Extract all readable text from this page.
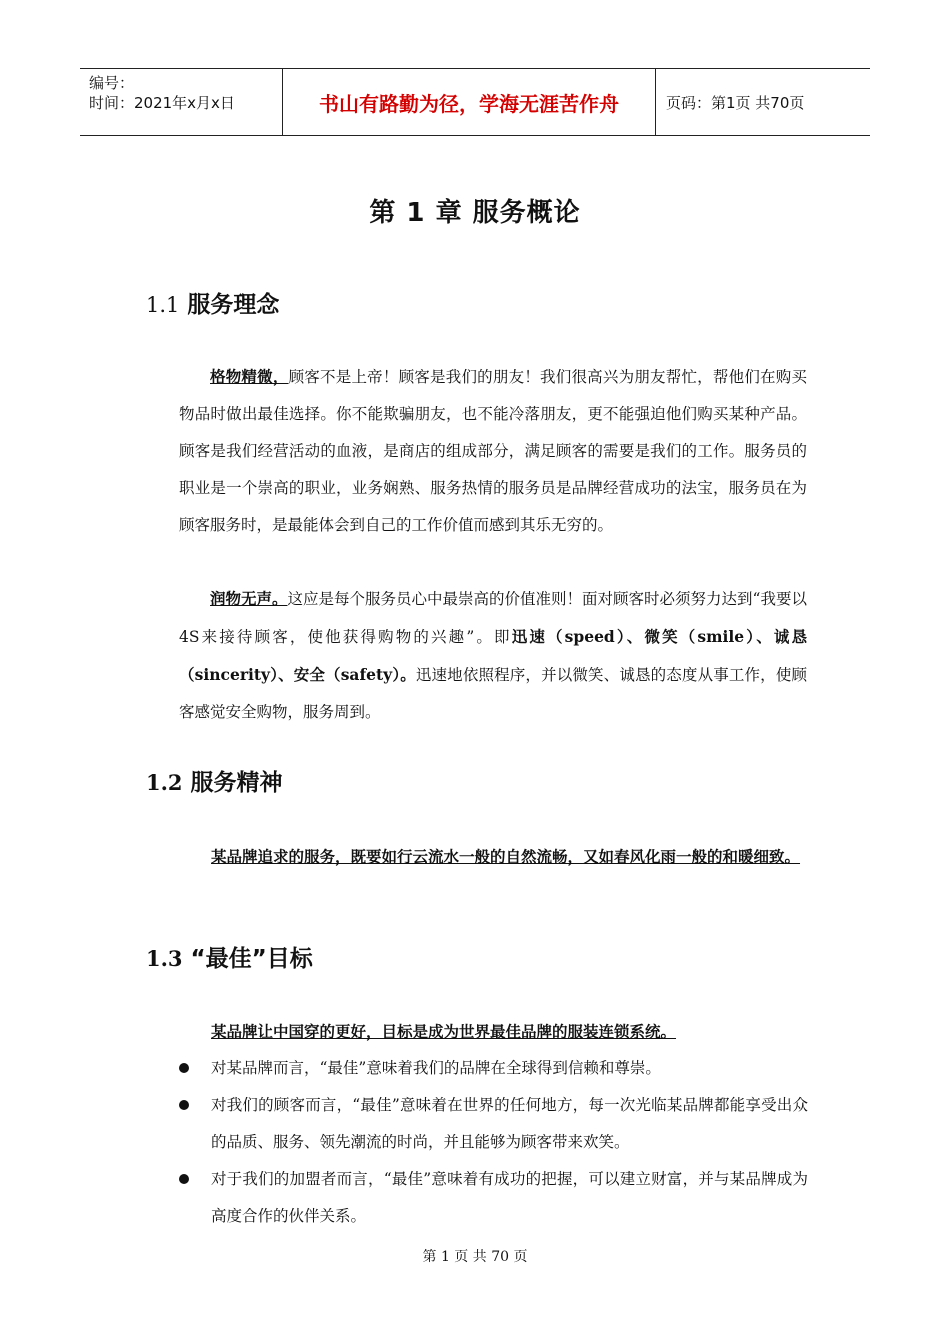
编号：
时间：2021年x月x日	书山有路勤为径，学海无涯苦作舟	页码：第1页 共70页
第 1 章 服务概论
1.1 服务理念
格物精微，顾客不是上帝！顾客是我们的朋友！我们很高兴为朋友帮忙，帮他们在购买物品时做出最佳选择。你不能欺骗朋友，也不能冷落朋友，更不能强迫他们购买某种产品。顾客是我们经营活动的血液，是商店的组成部分，满足顾客的需要是我们的工作。服务员的职业是一个崇高的职业，业务娴熟、服务热情的服务员是品牌经营成功的法宝，服务员在为顾客服务时，是最能体会到自己的工作价值而感到其乐无穷的。
润物无声。这应是每个服务员心中最崇高的价值准则！面对顾客时必须努力达到“我要以4S来接待顾客，使他获得购物的兴趣”。即迅速（speed）、微笑（smile）、诚恳（sincerity）、安全（safety）。迅速地依照程序，并以微笑、诚恳的态度从事工作，使顾客感觉安全购物，服务周到。
1.2 服务精神
某品牌追求的服务，既要如行云流水一般的自然流畅，又如春风化雨一般的和暖细致。
1.3 “最佳”目标
某品牌让中国穿的更好，目标是成为世界最佳品牌的服装连锁系统。
对某品牌而言，“最佳”意味着我们的品牌在全球得到信赖和尊崇。
对我们的顾客而言，“最佳”意味着在世界的任何地方，每一次光临某品牌都能享受出众的品质、服务、领先潮流的时尚，并且能够为顾客带来欢笑。
对于我们的加盟者而言，“最佳”意味着有成功的把握，可以建立财富，并与某品牌成为高度合作的伙伴关系。
第 1 页 共 70 页
